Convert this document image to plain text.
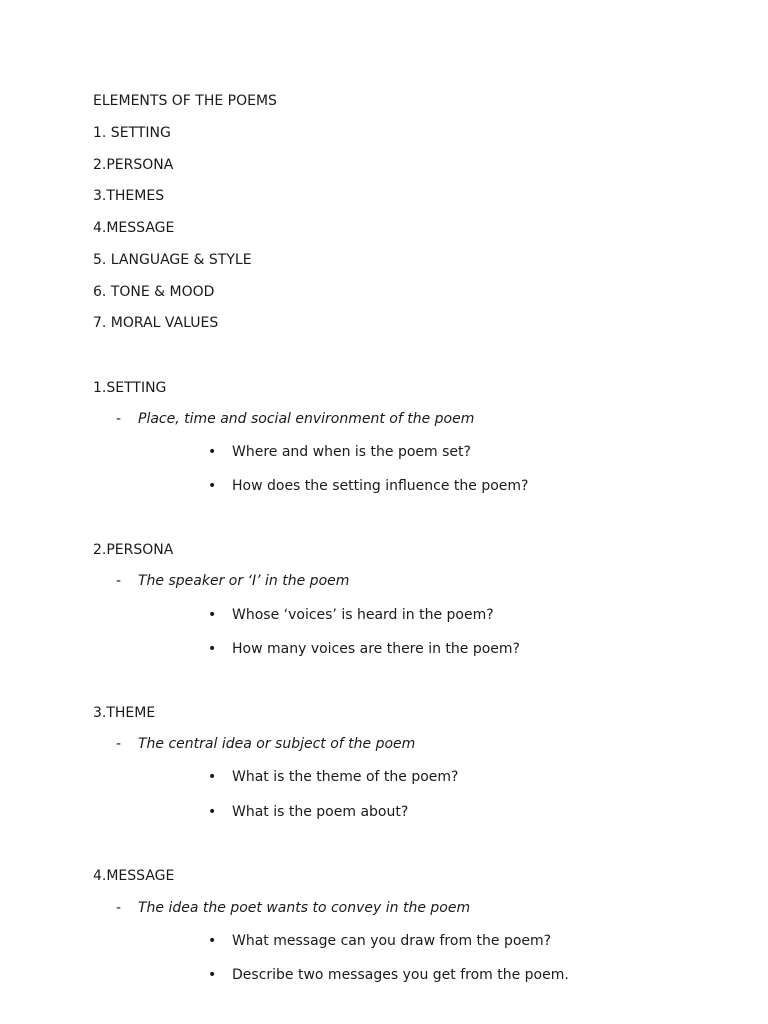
ELEMENTS OF THE POEMS
1. SETTING
2.PERSONA
3.THEMES
4.MESSAGE
5. LANGUAGE & STYLE
6. TONE & MOOD
7. MORAL VALUES
1.SETTING
- Place, time and social environment of the poem
• Where and when is the poem set?
• How does the setting influence the poem?
2.PERSONA
- The speaker or ‘I’ in the poem
• Whose ‘voices’ is heard in the poem?
• How many voices are there in the poem?
3.THEME
- The central idea or subject of the poem
• What is the theme of the poem?
• What is the poem about?
4.MESSAGE
- The idea the poet wants to convey in the poem
• What message can you draw from the poem?
• Describe two messages you get from the poem.
